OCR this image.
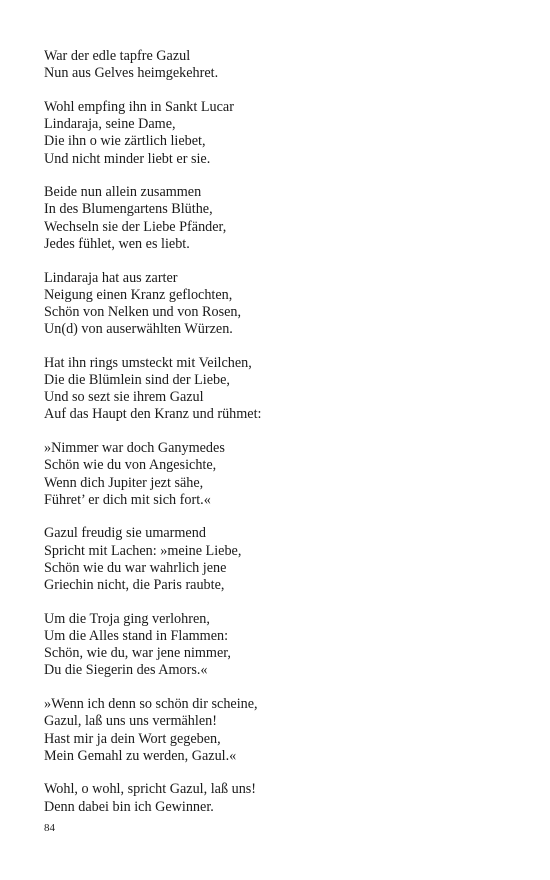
War der edle tapfre Gazul
Nun aus Gelves heimgekehret.
Wohl empfing ihn in Sankt Lucar
Lindaraja, seine Dame,
Die ihn o wie zärtlich liebet,
Und nicht minder liebt er sie.
Beide nun allein zusammen
In des Blumengartens Blüthe,
Wechseln sie der Liebe Pfänder,
Jedes fühlet, wen es liebt.
Lindaraja hat aus zarter
Neigung einen Kranz geflochten,
Schön von Nelken und von Rosen,
Un(d) von auserwählten Würzen.
Hat ihn rings umsteckt mit Veilchen,
Die die Blümlein sind der Liebe,
Und so sezt sie ihrem Gazul
Auf das Haupt den Kranz und rühmet:
»Nimmer war doch Ganymedes
Schön wie du von Angesichte,
Wenn dich Jupiter jezt sähe,
Führet’ er dich mit sich fort.«
Gazul freudig sie umarmend
Spricht mit Lachen: »meine Liebe,
Schön wie du war wahrlich jene
Griechin nicht, die Paris raubte,
Um die Troja ging verlohren,
Um die Alles stand in Flammen:
Schön, wie du, war jene nimmer,
Du die Siegerin des Amors.«
»Wenn ich denn so schön dir scheine,
Gazul, laß uns uns vermählen!
Hast mir ja dein Wort gegeben,
Mein Gemahl zu werden, Gazul.«
Wohl, o wohl, spricht Gazul, laß uns!
Denn dabei bin ich Gewinner.
84
